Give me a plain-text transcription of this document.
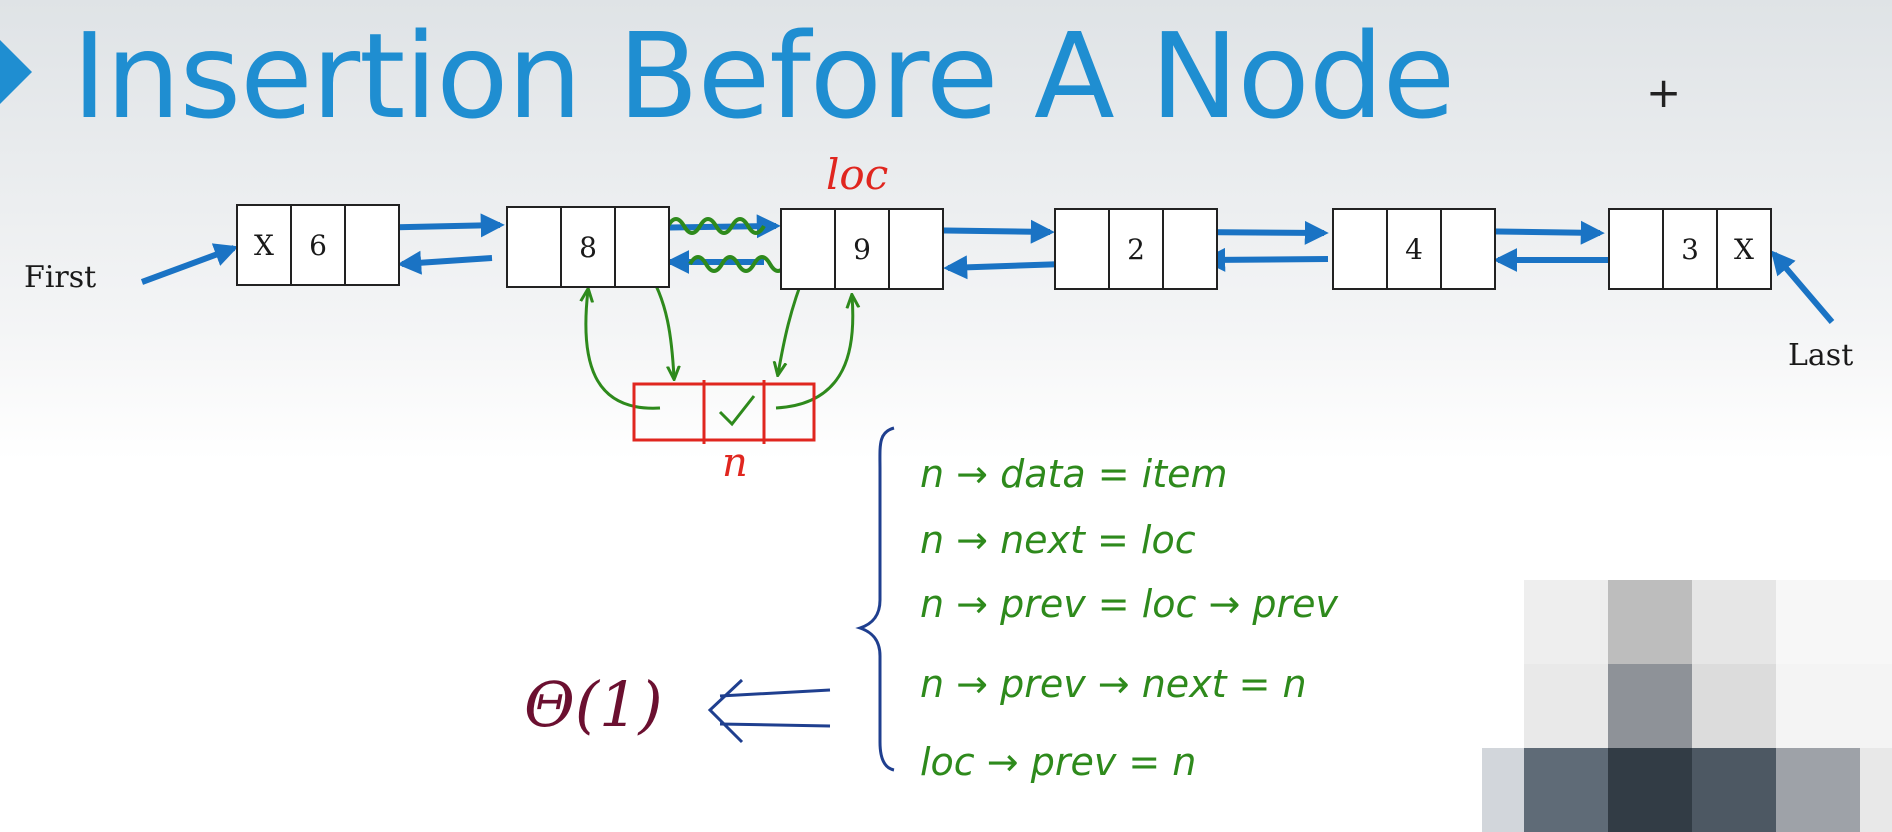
Insertion Before A Node	+
First
Last
loc
n
X	6	8	9	2	4	3	X
n → data = item
n → next = loc
n → prev = loc → prev
n → prev → next = n
loc → prev = n
Θ(1)
